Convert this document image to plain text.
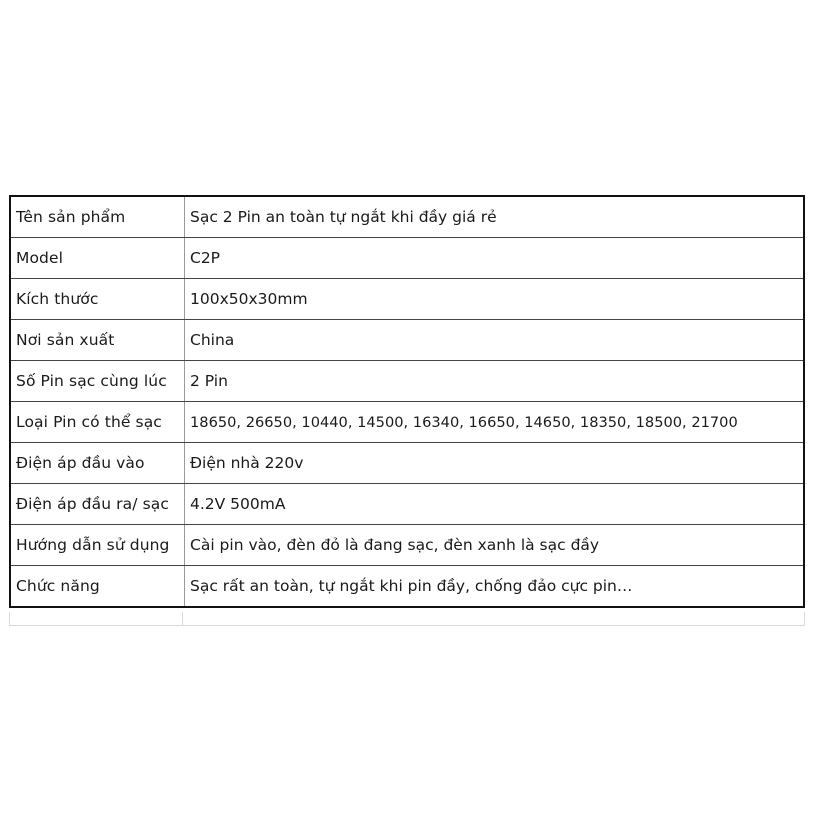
Tên sản phẩm	Sạc 2 Pin an toàn tự ngắt khi đầy giá rẻ
Model	C2P
Kích thước	100x50x30mm
Nơi sản xuất	China
Số Pin sạc cùng lúc	2 Pin
Loại Pin có thể sạc	18650, 26650, 10440, 14500, 16340, 16650, 14650, 18350, 18500, 21700
Điện áp đầu vào	Điện nhà 220v
Điện áp đầu ra/ sạc	4.2V 500mA
Hướng dẫn sử dụng	Cài pin vào, đèn đỏ là đang sạc, đèn xanh là sạc đầy
Chức năng	Sạc rất an toàn, tự ngắt khi pin đầy, chống đảo cực pin…
